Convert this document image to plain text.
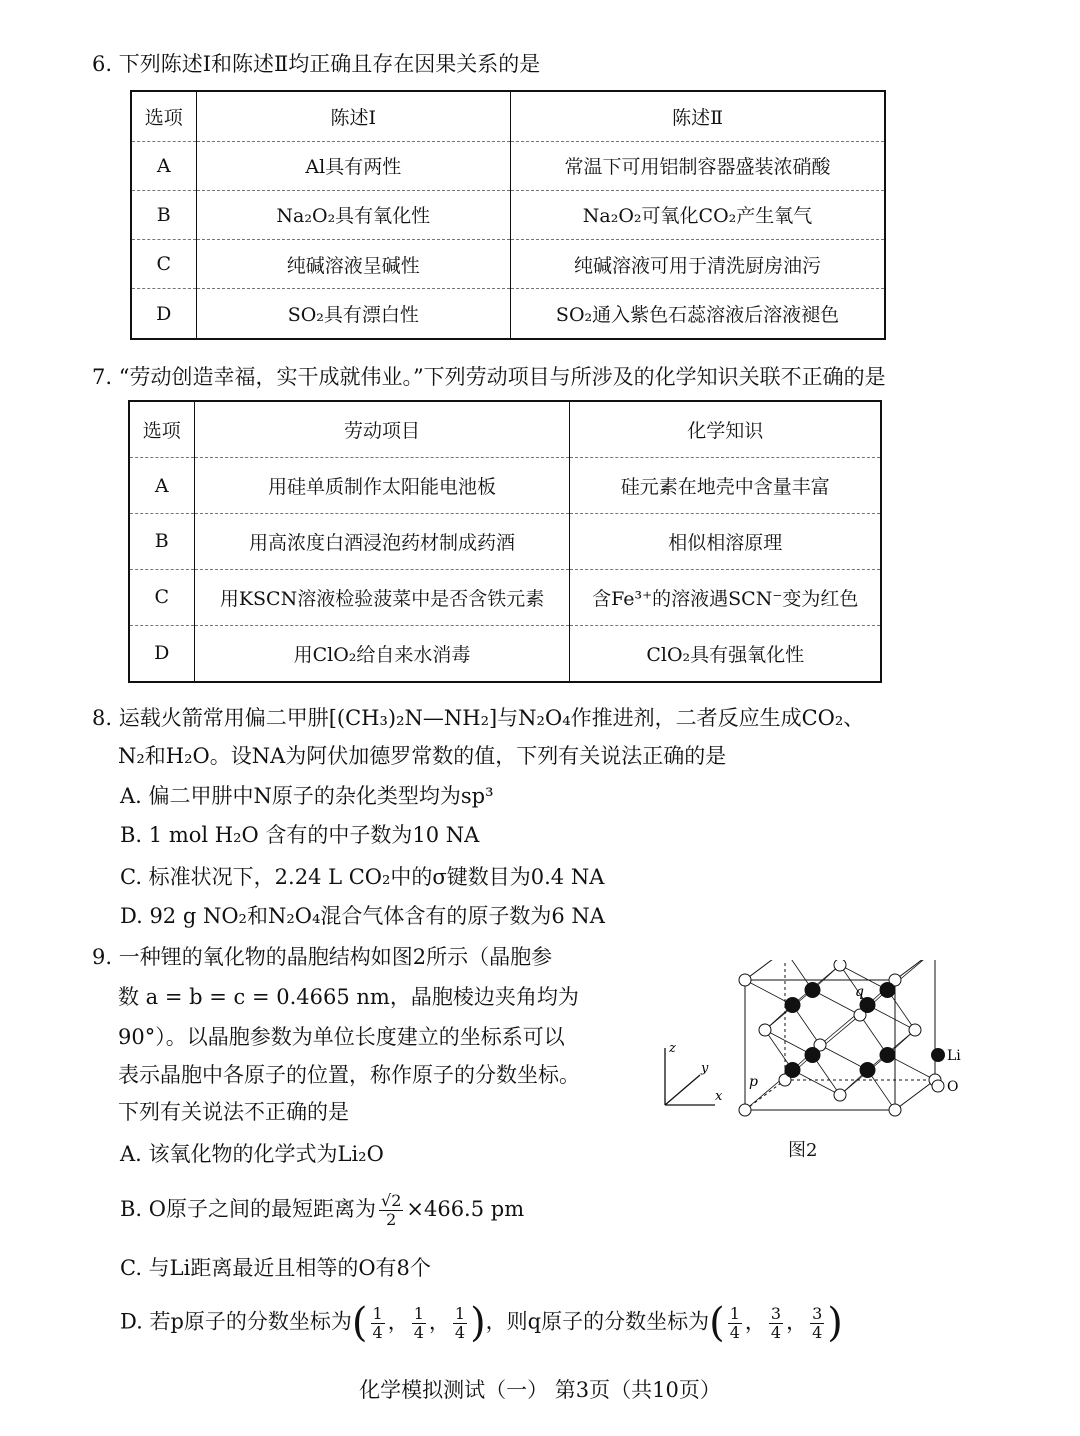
6. 下列陈述Ⅰ和陈述Ⅱ均正确且存在因果关系的是
选项	陈述Ⅰ	陈述Ⅱ
A	Al具有两性	常温下可用铝制容器盛装浓硝酸
B	Na₂O₂具有氧化性	Na₂O₂可氧化CO₂产生氧气
C	纯碱溶液呈碱性	纯碱溶液可用于清洗厨房油污
D	SO₂具有漂白性	SO₂通入紫色石蕊溶液后溶液褪色
7. “劳动创造幸福，实干成就伟业。”下列劳动项目与所涉及的化学知识关联不正确的是
选项	劳动项目	化学知识
A	用硅单质制作太阳能电池板	硅元素在地壳中含量丰富
B	用高浓度白酒浸泡药材制成药酒	相似相溶原理
C	用KSCN溶液检验菠菜中是否含铁元素	含Fe³⁺的溶液遇SCN⁻变为红色
D	用ClO₂给自来水消毒	ClO₂具有强氧化性
8. 运载火箭常用偏二甲肼[(CH₃)₂N—NH₂]与N₂O₄作推进剂，二者反应生成CO₂、
N₂和H₂O。设NA为阿伏加德罗常数的值，下列有关说法正确的是
A. 偏二甲肼中N原子的杂化类型均为sp³
B. 1 mol H₂O 含有的中子数为10 NA
C. 标准状况下，2.24 L CO₂中的σ键数目为0.4 NA
D. 92 g NO₂和N₂O₄混合气体含有的原子数为6 NA
9. 一种锂的氧化物的晶胞结构如图2所示（晶胞参
数 a = b = c = 0.4665 nm，晶胞棱边夹角均为
90°）。以晶胞参数为单位长度建立的坐标系可以
表示晶胞中各原子的位置，称作原子的分数坐标。
下列有关说法不正确的是
A. 该氧化物的化学式为Li₂O
B. O原子之间的最短距离为 $\frac{√2}{2} \times 466.5$ pm
C. 与Li距离最近且相等的O有8个
D. 若p原子的分数坐标为( $\frac{1}{4}$ ， $\frac{1}{4}$ ， $\frac{1}{4}$ )，则q原子的分数坐标为( $\frac{1}{4}$ ， $\frac{3}{4}$ ， $\frac{3}{4}$ )
z
x
y
p
q
Li
O
图2
化学模拟测试（一） 第3页（共10页）
